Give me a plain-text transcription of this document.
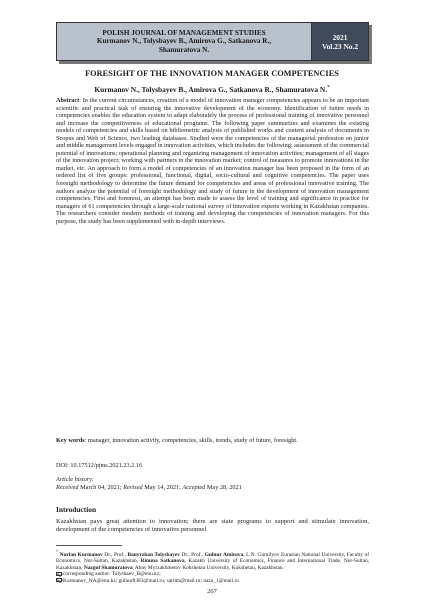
POLISH JOURNAL OF MANAGEMENT STUDIES
Kurmanov N., Tolysbayev B., Amirova G., Satkanova R.,
Shamuratova N.
2021
Vol.23 No.2
FORESIGHT OF THE INNOVATION MANAGER COMPETENCIES
Kurmanov N., Tolysbayev B., Amirova G., Satkanova R., Shamuratova N.*
Abstract: In the current circumstances, creation of a model of innovation manager competencies appears to be an important scientific and practical task of ensuring the innovative development of the economy. Identification of future needs in competencies enables the education system to adapt elaborately the process of professional training of innovative personnel and increase the competitiveness of educational programs. The following paper summarizes and examines the existing models of competencies and skills based on bibliometric analysis of published works and content analysis of documents in Scopus and Web of Science, two leading databases. Studied were the competencies of the managerial profession on junior and middle management levels engaged in innovation activities, which includes the following: assessment of the commercial potential of innovations; operational planning and organizing management of innovation activities; management of all stages of the innovation project; working with partners in the innovation market; control of measures to promote innovations in the market, etc. An approach to form a model of competencies of an innovation manager has been proposed in the form of an ordered list of five groups: professional, functional, digital, socio-cultural and cognitive competencies. The paper uses foresight methodology to determine the future demand for competencies and areas of professional innovative training. The authors analyze the potential of foresight methodology and study of future in the development of innovation management competencies. First and foremost, an attempt has been made to assess the level of training and significance in practice for managers of 61 competencies through a large-scale national survey of innovation experts working in Kazakhstan companies. The researchers consider modern methods of training and developing the competencies of innovation managers. For this purpose, the study has been supplemented with in-depth interviews.
Key words: manager, innovation activity, competencies, skills, trends, study of future, foresight.
DOI: 10.17512/pjms.2021.23.2.16
Article history:
Received March 04, 2021; Revised May 14, 2021; Accepted May 28, 2021
Introduction
Kazakhstan pays great attention to innovation; there are state programs to support and stimulate innovation, development of the competencies of innovative personnel
* Nurlan Kurmanov Dr., Prof., Bauyrzhan Tolysbayev Dr., Prof., Gulnur Amirova, L.N. Gumilyov Eurasian National University, Faculty of Economics, Nur-Sultan, Kazakhstan, Rimma Satkanova, Kazakh University of Economics, Finance and International Trade, Nur-Sultan, Kazakhstan, Nazgul Shamuratova, Abay Myrzakhmetov Kokshetau University, Kokshetau, Kazakhstan.
corresponding author: Tolysbaev_B@enu.kz;
Kurmanov_NA@enu.kz; gulnur8383@mail.ru; satrim@mail.ru; naza_1@mail.ru
267
